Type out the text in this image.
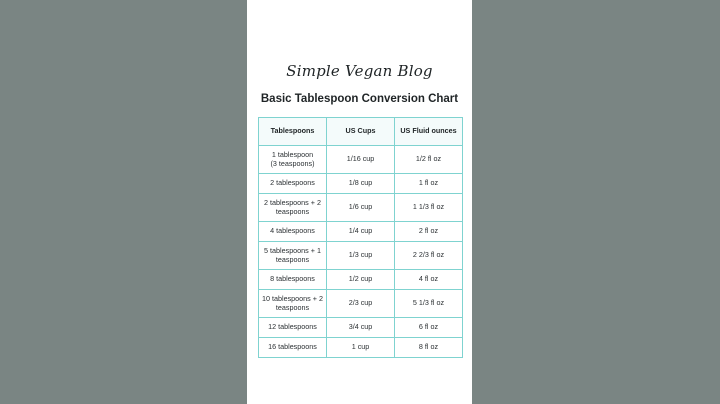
Simple Vegan Blog
Basic Tablespoon Conversion Chart
Tablespoons	US Cups	US Fluid ounces
1 tablespoon
(3 teaspoons)	1/16 cup	1/2 fl oz
2 tablespoons	1/8 cup	1 fl oz
2 tablespoons + 2
teaspoons	1/6 cup	1 1/3 fl oz
4 tablespoons	1/4 cup	2 fl oz
5 tablespoons + 1
teaspoons	1/3 cup	2 2/3 fl oz
8 tablespoons	1/2 cup	4 fl oz
10 tablespoons + 2
teaspoons	2/3 cup	5 1/3 fl oz
12 tablespoons	3/4 cup	6 fl oz
16 tablespoons	1 cup	8 fl oz
